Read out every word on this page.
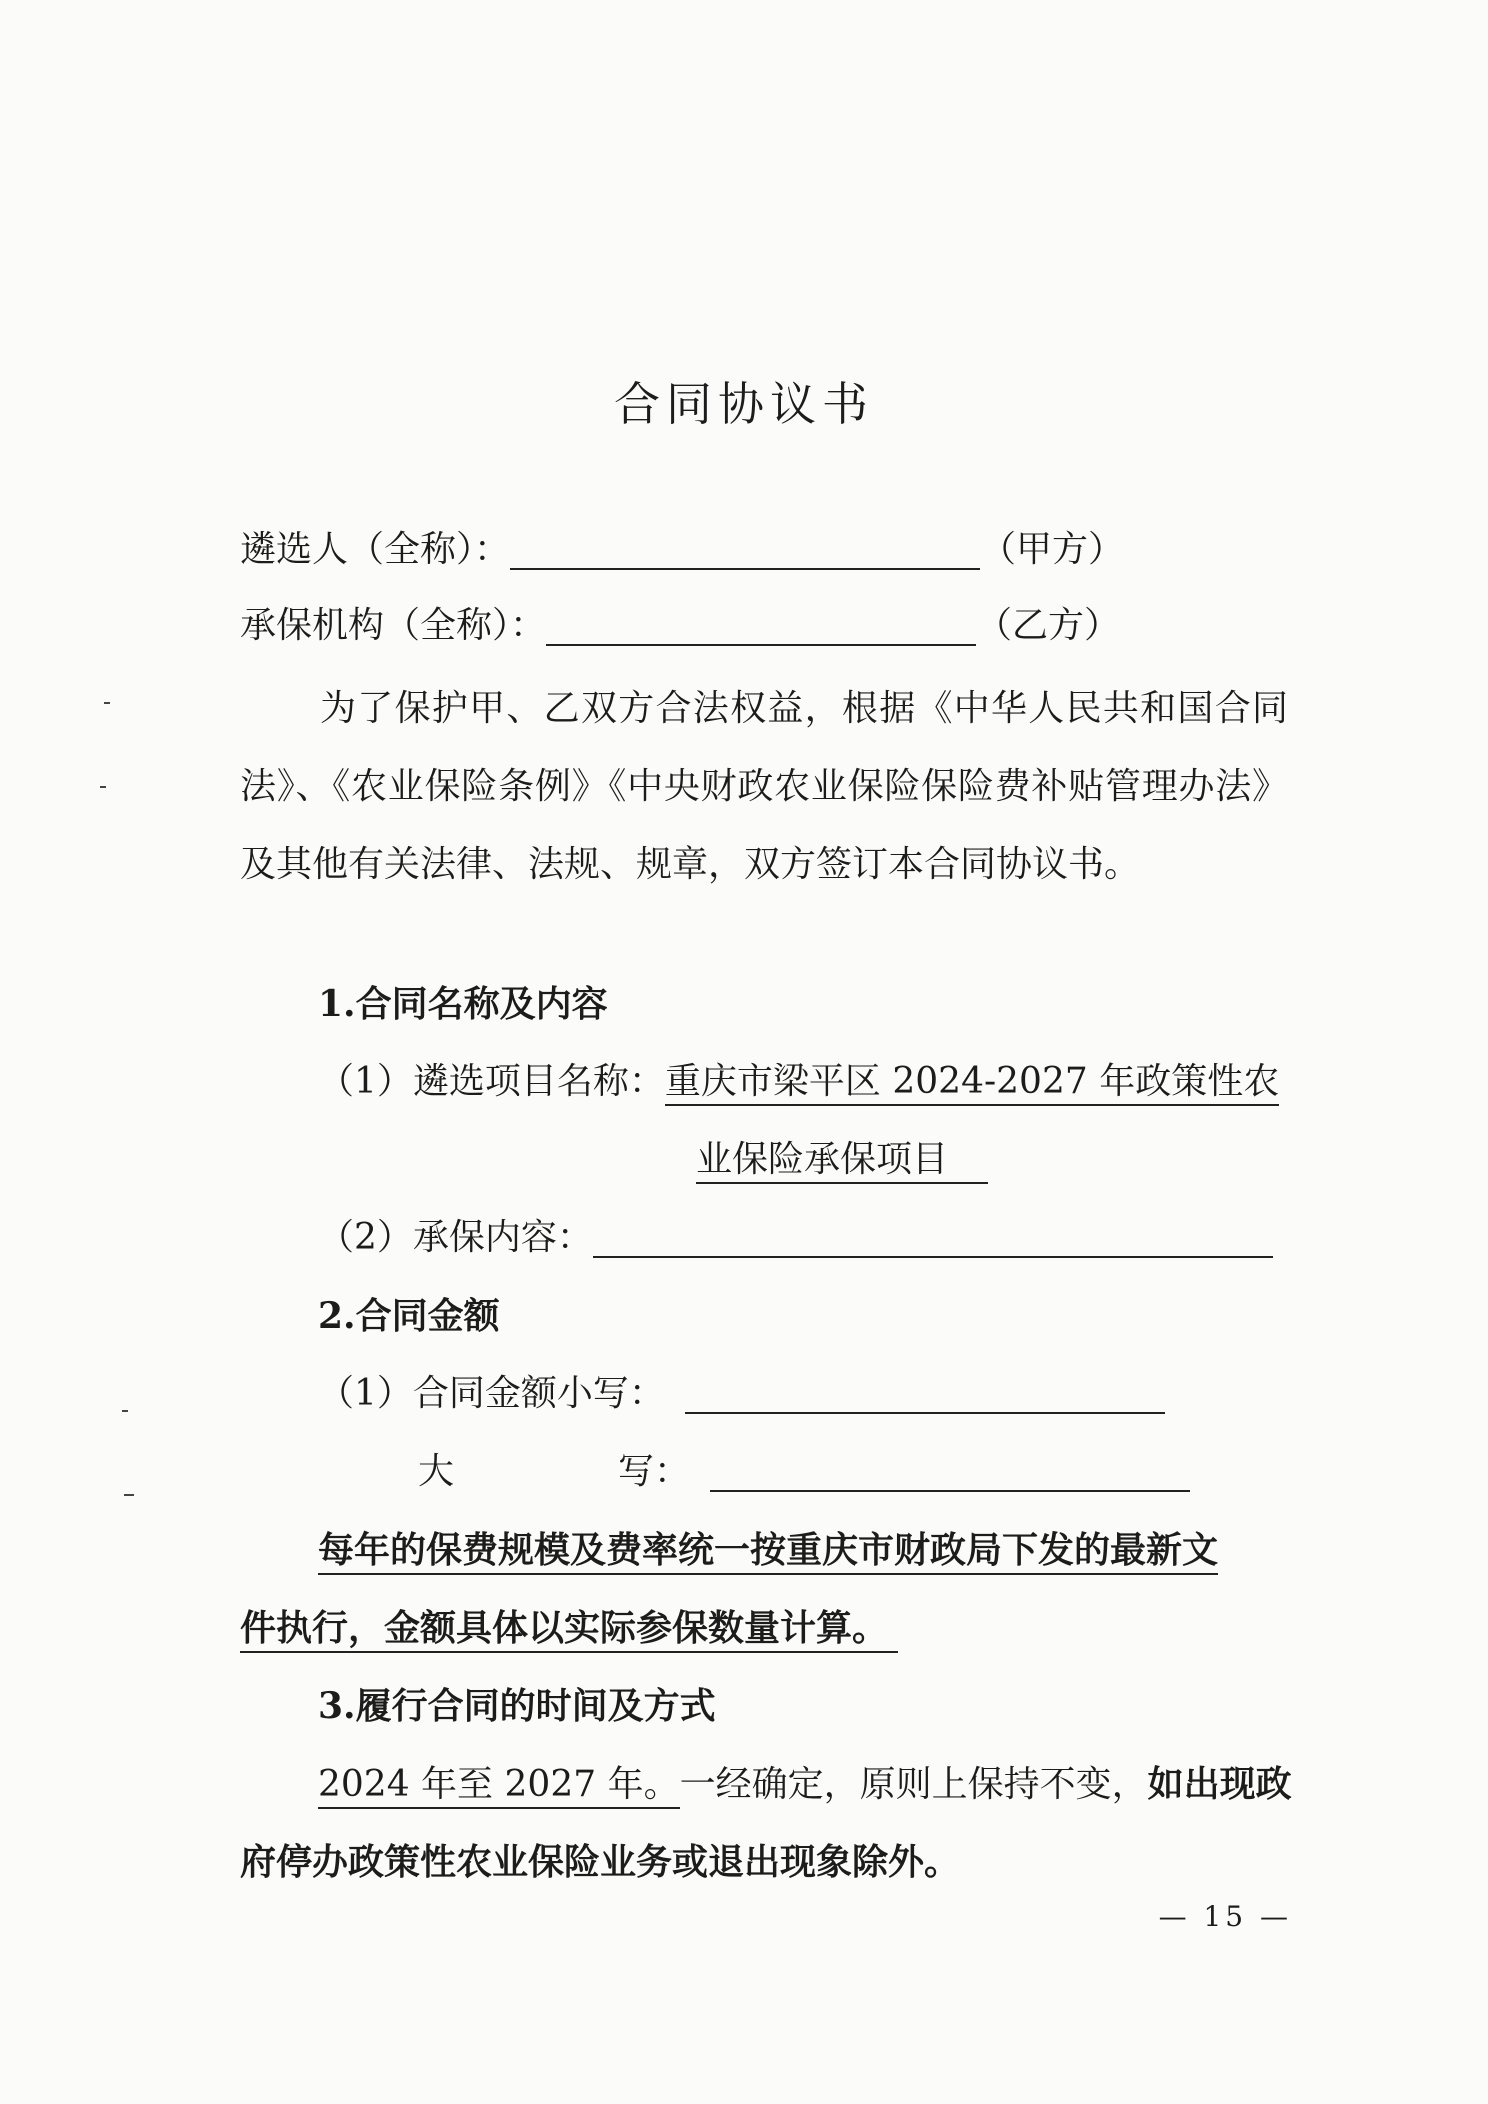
合同协议书
遴选人（全称）：	（甲方）
承保机构（全称）：	（乙方）
为了保护甲、乙双方合法权益，根据《中华人民共和国合同法》、《农业保险条例》《中央财政农业保险保险费补贴管理办法》及其他有关法律、法规、规章，双方签订本合同协议书。
1.合同名称及内容
（1）遴选项目名称：重庆市梁平区 2024-2027 年政策性农
业保险承保项目
（2）承保内容：
2.合同金额
（1）合同金额小写：
大	写：
每年的保费规模及费率统一按重庆市财政局下发的最新文
件执行，金额具体以实际参保数量计算。
3.履行合同的时间及方式
2024 年至 2027 年。一经确定，原则上保持不变，如出现政
府停办政策性农业保险业务或退出现象除外。
— 15 —
